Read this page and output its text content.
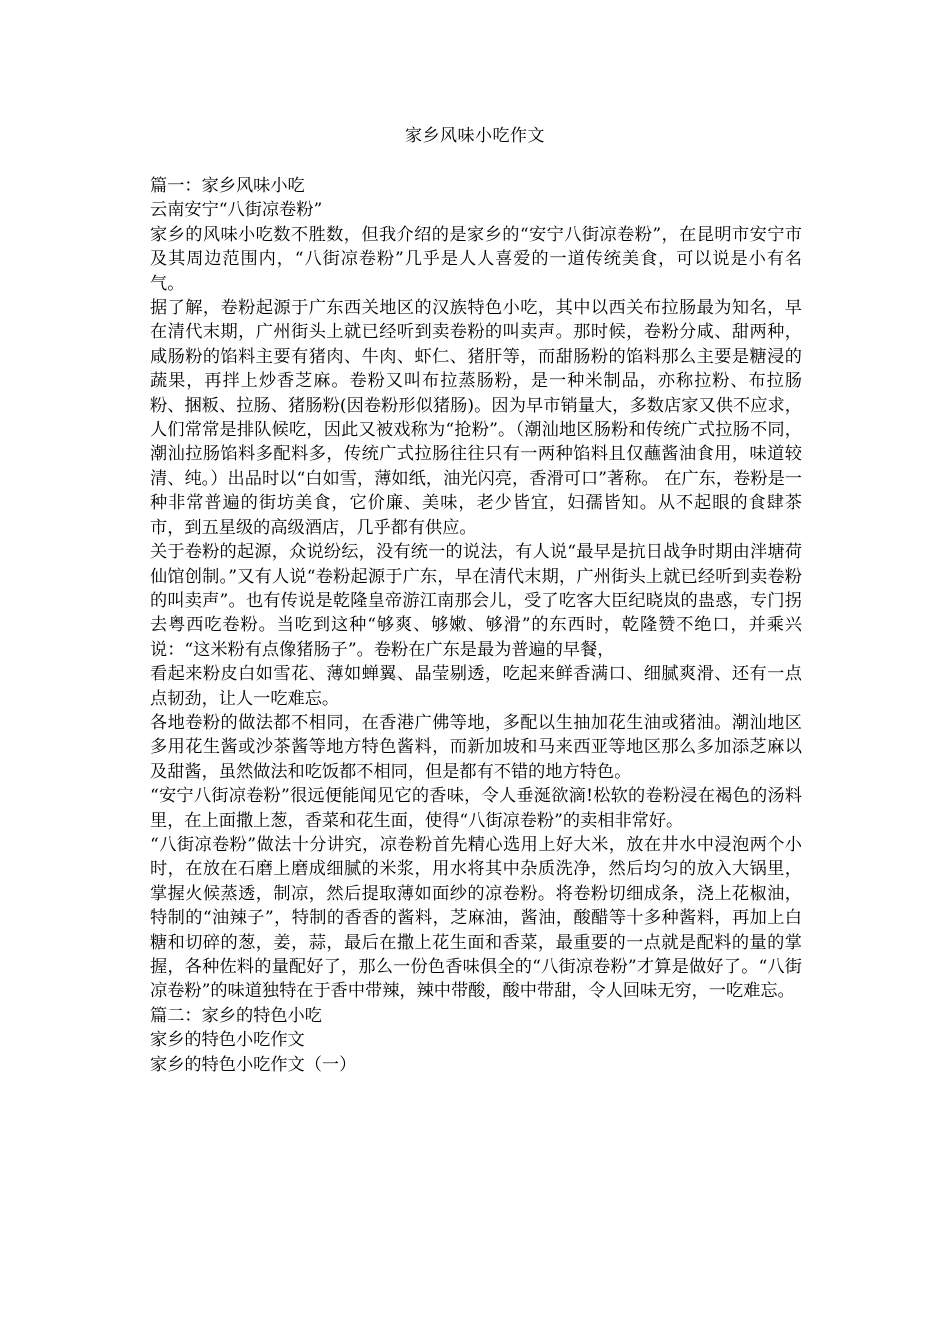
家乡风味小吃作文

篇一：家乡风味小吃

云南安宁“八街凉卷粉”

家乡的风味小吃数不胜数，但我介绍的是家乡的“安宁八街凉卷粉”，在昆明市安宁市及其周边范围内，“八街凉卷粉”几乎是人人喜爱的一道传统美食，可以说是小有名气。

据了解，卷粉起源于广东西关地区的汉族特色小吃，其中以西关布拉肠最为知名，早在清代末期，广州街头上就已经听到卖卷粉的叫卖声。那时候，卷粉分咸、甜两种，咸肠粉的馅料主要有猪肉、牛肉、虾仁、猪肝等，而甜肠粉的馅料那么主要是糖浸的蔬果，再拌上炒香芝麻。卷粉又叫布拉蒸肠粉，是一种米制品，亦称拉粉、布拉肠粉、捆粄、拉肠、猪肠粉(因卷粉形似猪肠)。因为早市销量大，多数店家又供不应求，人们常常是排队候吃，因此又被戏称为“抢粉”。（潮汕地区肠粉和传统广式拉肠不同，潮汕拉肠馅料多配料多，传统广式拉肠往往只有一两种馅料且仅蘸酱油食用，味道较清、纯。）出品时以“白如雪，薄如纸，油光闪亮，香滑可口”著称。 在广东，卷粉是一种非常普遍的街坊美食，它价廉、美味，老少皆宜，妇孺皆知。从不起眼的食肆茶市，到五星级的高级酒店，几乎都有供应。

关于卷粉的起源，众说纷纭，没有统一的说法，有人说“最早是抗日战争时期由泮塘荷仙馆创制。”又有人说“卷粉起源于广东，早在清代末期，广州街头上就已经听到卖卷粉的叫卖声”。也有传说是乾隆皇帝游江南那会儿，受了吃客大臣纪晓岚的蛊惑，专门拐去粤西吃卷粉。当吃到这种“够爽、够嫩、够滑”的东西时，乾隆赞不绝口，并乘兴说：“这米粉有点像猪肠子”。卷粉在广东是最为普遍的早餐，

看起来粉皮白如雪花、薄如蝉翼、晶莹剔透，吃起来鲜香满口、细腻爽滑、还有一点点韧劲，让人一吃难忘。

各地卷粉的做法都不相同，在香港广佛等地，多配以生抽加花生油或猪油。潮汕地区多用花生酱或沙茶酱等地方特色酱料，而新加坡和马来西亚等地区那么多加添芝麻以及甜酱，虽然做法和吃饭都不相同，但是都有不错的地方特色。

“安宁八街凉卷粉”很远便能闻见它的香味，令人垂涎欲滴!松软的卷粉浸在褐色的汤料里，在上面撒上葱，香菜和花生面，使得“八街凉卷粉”的卖相非常好。

“八街凉卷粉”做法十分讲究，凉卷粉首先精心选用上好大米，放在井水中浸泡两个小时，在放在石磨上磨成细腻的米浆，用水将其中杂质洗净，然后均匀的放入大锅里，掌握火候蒸透，制凉，然后提取薄如面纱的凉卷粉。将卷粉切细成条，浇上花椒油，特制的“油辣子”，特制的香香的酱料，芝麻油，酱油，酸醋等十多种酱料，再加上白糖和切碎的葱，姜，蒜，最后在撒上花生面和香菜，最重要的一点就是配料的量的掌握，各种佐料的量配好了，那么一份色香味俱全的“八街凉卷粉”才算是做好了。“八街凉卷粉”的味道独特在于香中带辣，辣中带酸，酸中带甜，令人回味无穷，一吃难忘。

篇二：家乡的特色小吃

家乡的特色小吃作文

家乡的特色小吃作文（一）
